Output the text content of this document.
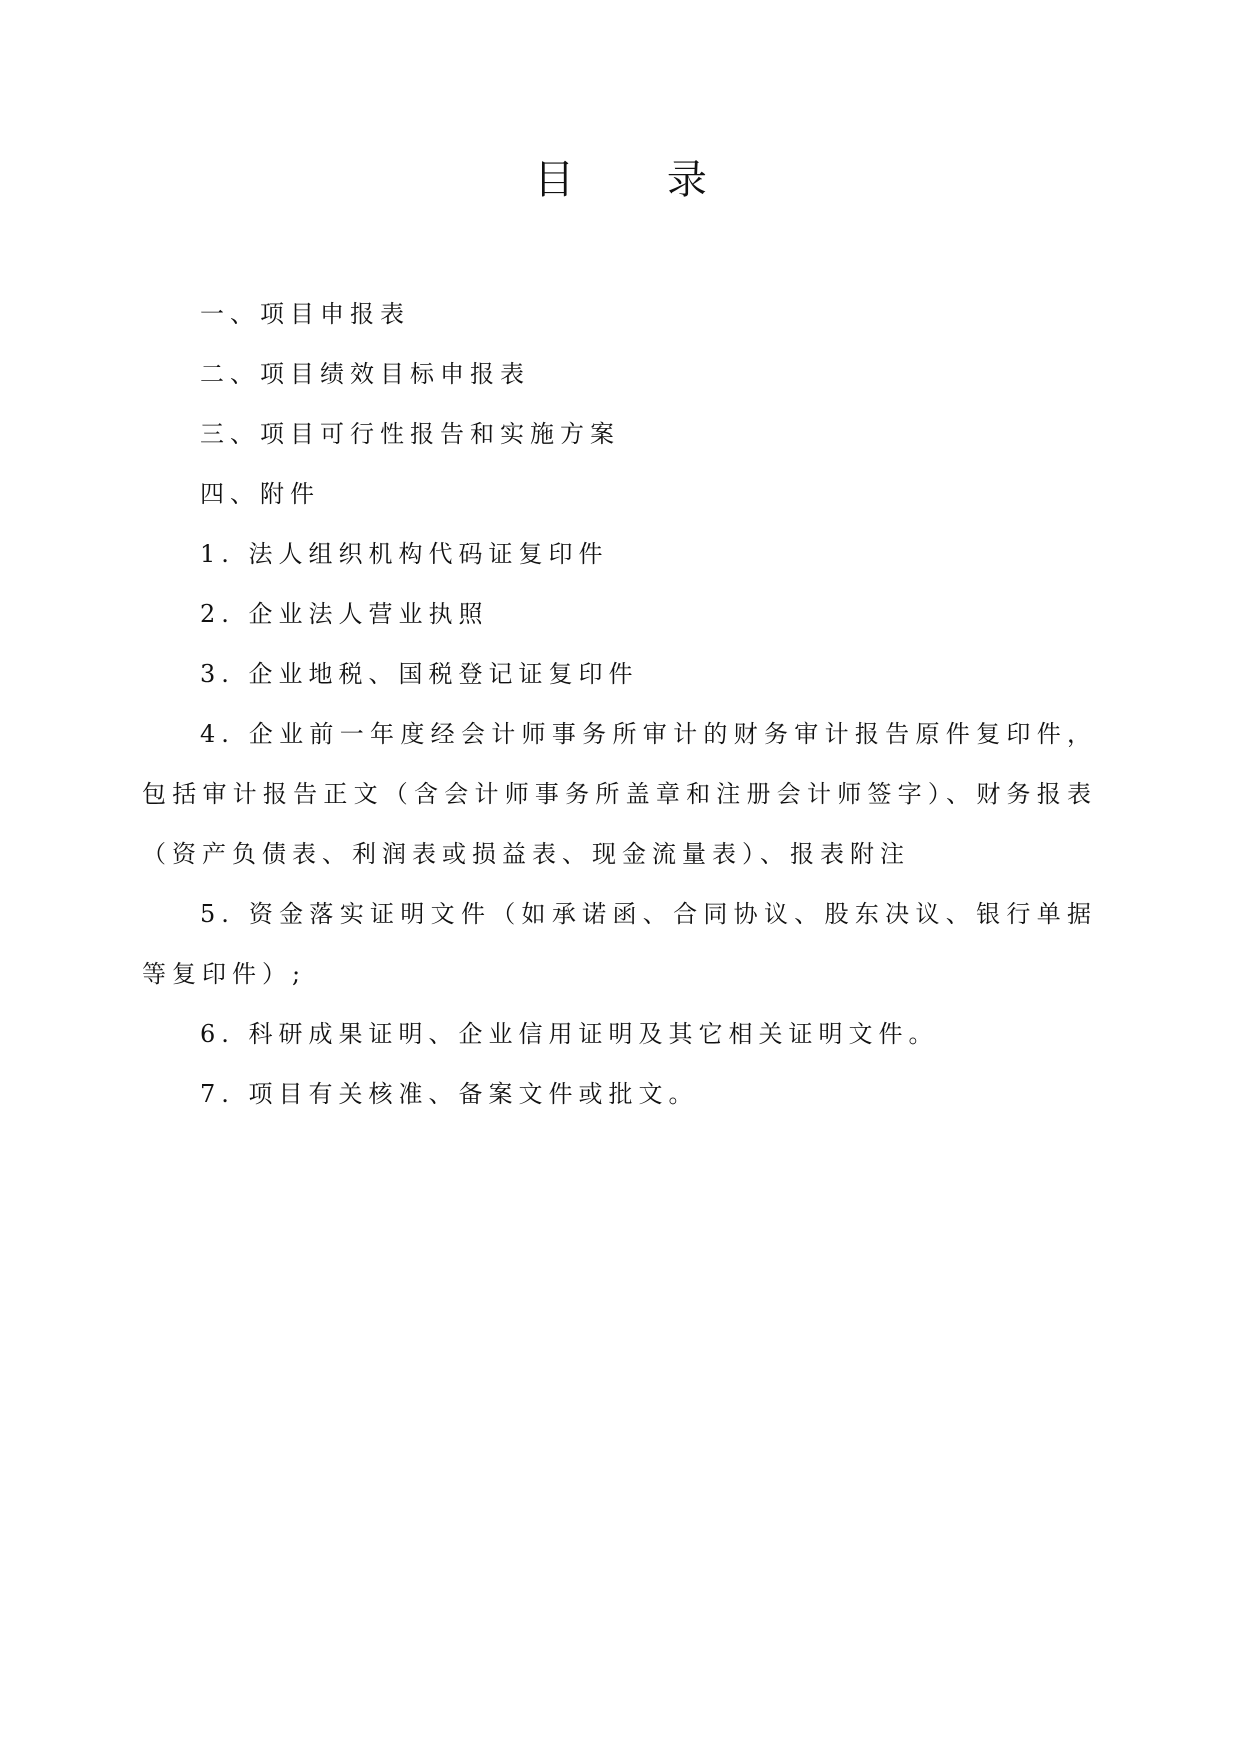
目 录
一、项目申报表
二、项目绩效目标申报表
三、项目可行性报告和实施方案
四、附件
1. 法人组织机构代码证复印件
2. 企业法人营业执照
3. 企业地税、国税登记证复印件
4. 企业前一年度经会计师事务所审计的财务审计报告原件复印件，包括审计报告正文（含会计师事务所盖章和注册会计师签字）、财务报表（资产负债表、利润表或损益表、现金流量表）、报表附注
5. 资金落实证明文件（如承诺函、合同协议、股东决议、银行单据等复印件）;
6. 科研成果证明、企业信用证明及其它相关证明文件。
7. 项目有关核准、备案文件或批文。
